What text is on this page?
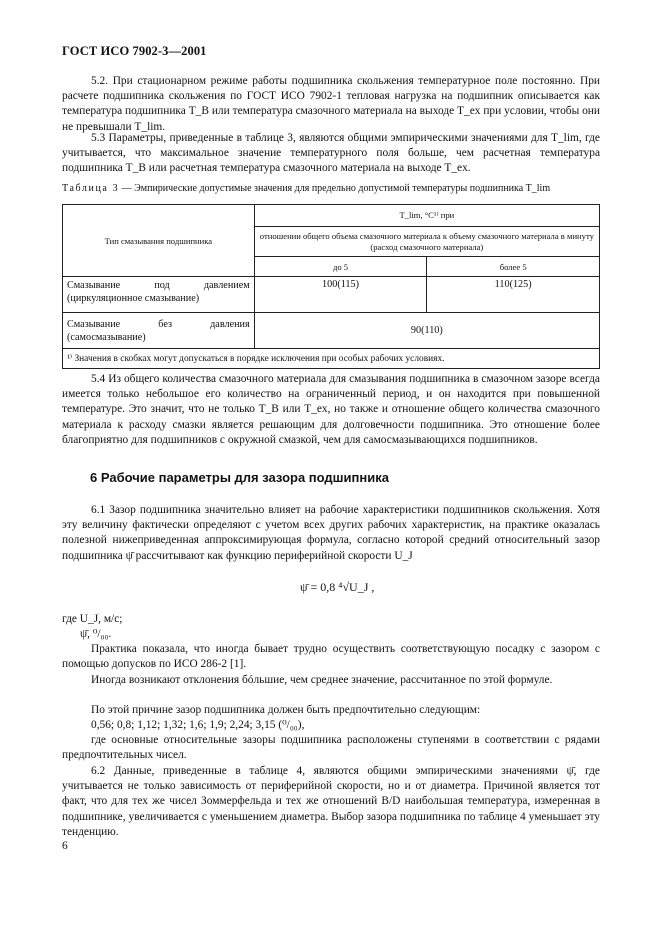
ГОСТ ИСО 7902-3—2001
5.2. При стационарном режиме работы подшипника скольжения температурное поле постоянно. При расчете подшипника скольжения по ГОСТ ИСО 7902-1 тепловая нагрузка на подшипник описывается как температура подшипника T_B или температура смазочного материала на выходе T_ex при условии, чтобы они не превышали T_lim.
5.3 Параметры, приведенные в таблице 3, являются общими эмпирическими значениями для T_lim, где учитывается, что максимальное значение температурного поля больше, чем расчетная температура подшипника T_B или расчетная температура смазочного материала на выходе T_ex.
Таблица 3 — Эмпирические допустимые значения для предельно допустимой температуры подшипника T_lim
Тип смазывания подшипника	T_lim, °C¹⁾ при	
	отношении общего объема смазочного материала к объему смазочного материала в минуту (расход смазочного материала)	
	до 5	более 5
Смазывание под давлением (циркуляционное смазывание)	100(115)	110(125)
Смазывание без давления (самосмазывание)	90(110)	
¹⁾ Значения в скобках могут допускаться в порядке исключения при особых рабочих условиях.		
5.4 Из общего количества смазочного материала для смазывания подшипника в смазочном зазоре всегда имеется только небольшое его количество на ограниченный период, и он находится при повышенной температуре. Это значит, что не только T_B или T_ex, но также и отношение общего количества смазочного материала к расходу смазки является решающим для долговечности подшипника. Это отношение более благоприятно для подшипников с окружной смазкой, чем для самосмазывающихся подшипников.
6 Рабочие параметры для зазора подшипника
6.1 Зазор подшипника значительно влияет на рабочие характеристики подшипников скольжения. Хотя эту величину фактически определяют с учетом всех других рабочих характеристик, на практике оказалась полезной нижеприведенная аппроксимирующая формула, согласно которой средний относительный зазор подшипника ψ̄ рассчитывают как функцию периферийной скорости U_J
ψ̄ = 0,8 ⁴√U_J ,
где U_J, м/с;
ψ̄, ⁰/₀₀.
Практика показала, что иногда бывает трудно осуществить соответствующую посадку с зазором с помощью допусков по ИСО 286-2 [1].
Иногда возникают отклонения бóльшие, чем среднее значение, рассчитанное по этой формуле.
По этой причине зазор подшипника должен быть предпочтительно следующим:
0,56; 0,8; 1,12; 1,32; 1,6; 1,9; 2,24; 3,15 (⁰/₀₀),
где основные относительные зазоры подшипника расположены ступенями в соответствии с рядами предпочтительных чисел.
6.2 Данные, приведенные в таблице 4, являются общими эмпирическими значениями ψ̄, где учитывается не только зависимость от периферийной скорости, но и от диаметра. Причиной является тот факт, что для тех же чисел Зоммерфельда и тех же отношений B/D наибольшая температура, измеренная в подшипнике, увеличивается с уменьшением диаметра. Выбор зазора подшипника по таблице 4 уменьшает эту тенденцию.
6
